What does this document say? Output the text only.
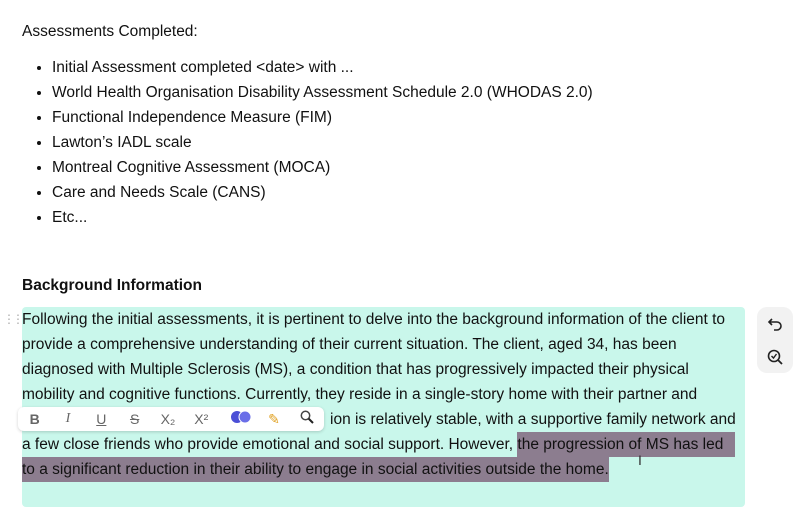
Assessments Completed:
• Initial Assessment completed <date> with ...
• World Health Organisation Disability Assessment Schedule 2.0 (WHODAS 2.0)
• Functional Independence Measure (FIM)
• Lawton’s IADL scale
• Montreal Cognitive Assessment (MOCA)
• Care and Needs Scale (CANS)
• Etc...
Background Information
⋮⋮ Following the initial assessments, it is pertinent to delve into the background information of the client to
provide a comprehensive understanding of their current situation. The client, aged 34, has been
diagnosed with Multiple Sclerosis (MS), a condition that has progressively impacted their physical
mobility and cognitive functions. Currently, they reside in a single-story home with their partner and
ion is relatively stable, with a supportive family network and
a few close friends who provide emotional and social support. However, the progression of MS has led
to a significant reduction in their ability to engage in social activities outside the home.
I
B	I	U	S	X₂	X²	✎
